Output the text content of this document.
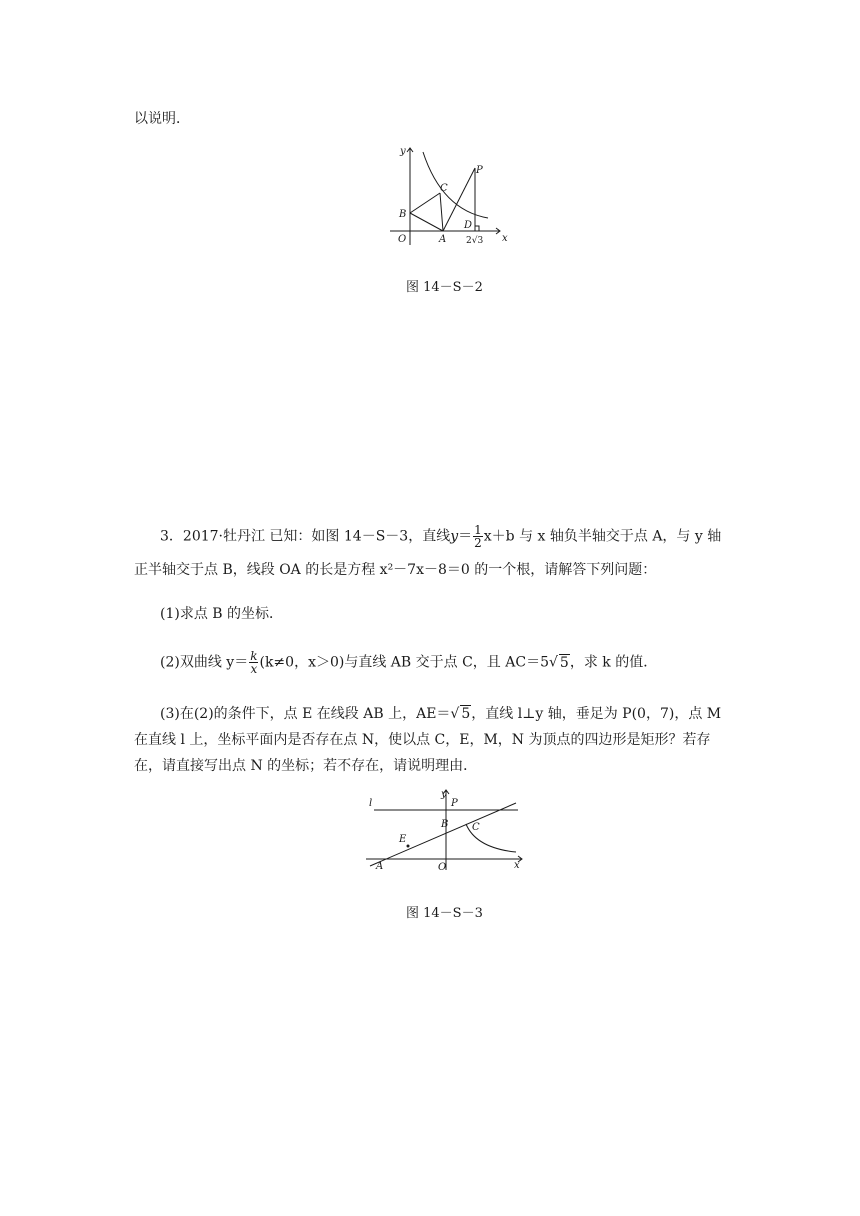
以说明．
y
x
O	A
B
C
D
P
2√3
图 14－S－2
3．2017·牡丹江 已知：如图 14－S－3，直线$y= \frac{1}{2} x+b$ 与 x 轴负半轴交于点 A，与 y 轴
正半轴交于点 B，线段 OA 的长是方程 x²－7x－8＝0 的一个根，请解答下列问题：
(1)求点 B 的坐标．
(2)双曲线 $y= \frac{k}{x} (k\ne 0$，x＞0)与直线 AB 交于点 C，且 AC＝5√ 5，求 k 的值．
(3)在(2)的条件下，点 E 在线段 AB 上，AE＝√ 5，直线 l⊥y 轴，垂足为 P(0，7)，点 M
在直线 l 上，坐标平面内是否存在点 N，使以点 C，E，M，N 为顶点的四边形是矩形？若存
在，请直接写出点 N 的坐标；若不存在，请说明理由．
l
y
P
B C
E
A	O	x
图 14－S－3
